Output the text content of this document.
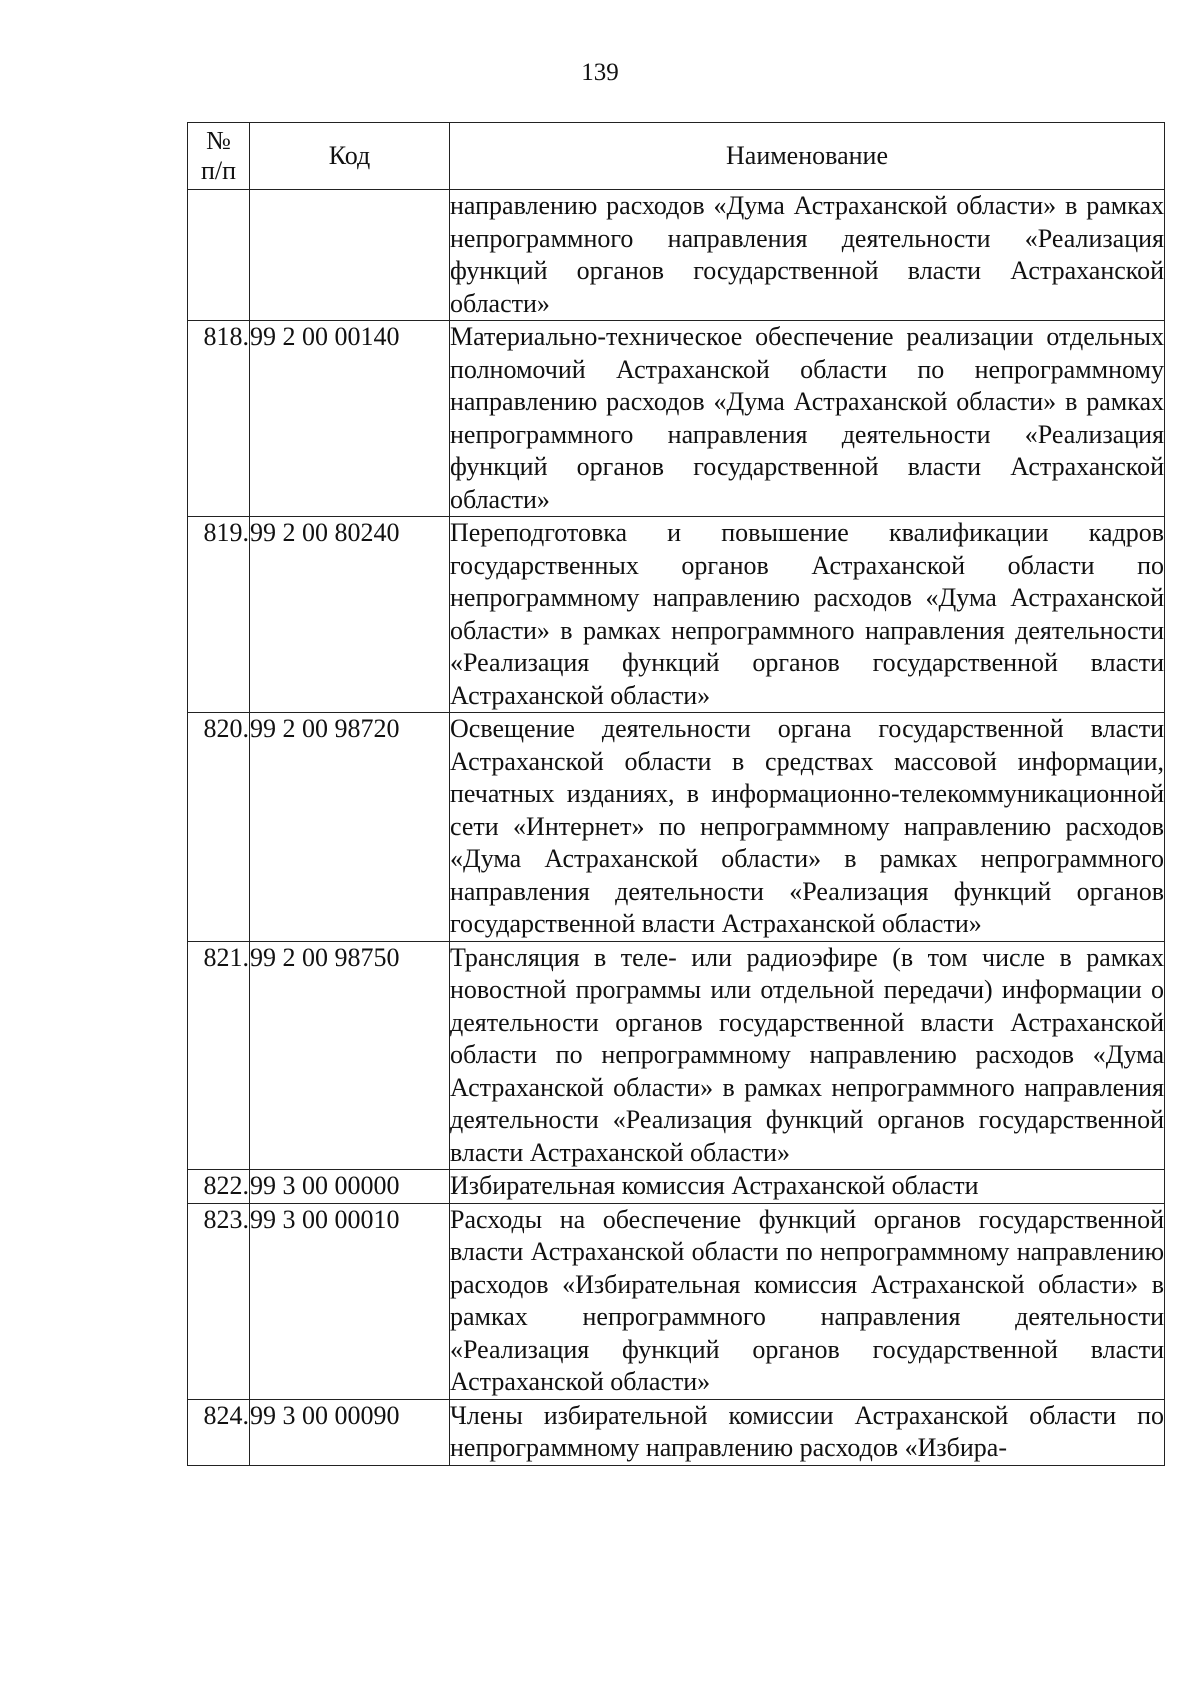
139
№
п/п	Код	Наименование
		направлению расходов «Дума Астраханской области» в рамках непрограммного направления деятельности «Реализация функций органов государственной власти Астраханской области»
818.	99 2 00 00140	Материально-техническое обеспечение реализации отдельных полномочий Астраханской области по непрограммному направлению расходов «Дума Астраханской области» в рамках непрограммного направления деятельности «Реализация функций органов государственной власти Астраханской области»
819.	99 2 00 80240	Переподготовка и повышение квалификации кадров государственных органов Астраханской области по непрограммному направлению расходов «Дума Астраханской области» в рамках непрограммного направления деятельности «Реализация функций органов государственной власти Астраханской области»
820.	99 2 00 98720	Освещение деятельности органа государственной власти Астраханской области в средствах массовой информации, печатных изданиях, в информационно-телекоммуникационной сети «Интернет» по непрограммному направлению расходов «Дума Астраханской области» в рамках непрограммного направления деятельности «Реализация функций органов государственной власти Астраханской области»
821.	99 2 00 98750	Трансляция в теле- или радиоэфире (в том числе в рамках новостной программы или отдельной передачи) информации о деятельности органов государственной власти Астраханской области по непрограммному направлению расходов «Дума Астраханской области» в рамках непрограммного направления деятельности «Реализация функций органов государственной власти Астраханской области»
822.	99 3 00 00000	Избирательная комиссия Астраханской области
823.	99 3 00 00010	Расходы на обеспечение функций органов государственной власти Астраханской области по непрограммному направлению расходов «Избирательная комиссия Астраханской области» в рамках непрограммного направления деятельности «Реализация функций органов государственной власти Астраханской области»
824.	99 3 00 00090	Члены избирательной комиссии Астраханской области по непрограммному направлению расходов «Избира-
